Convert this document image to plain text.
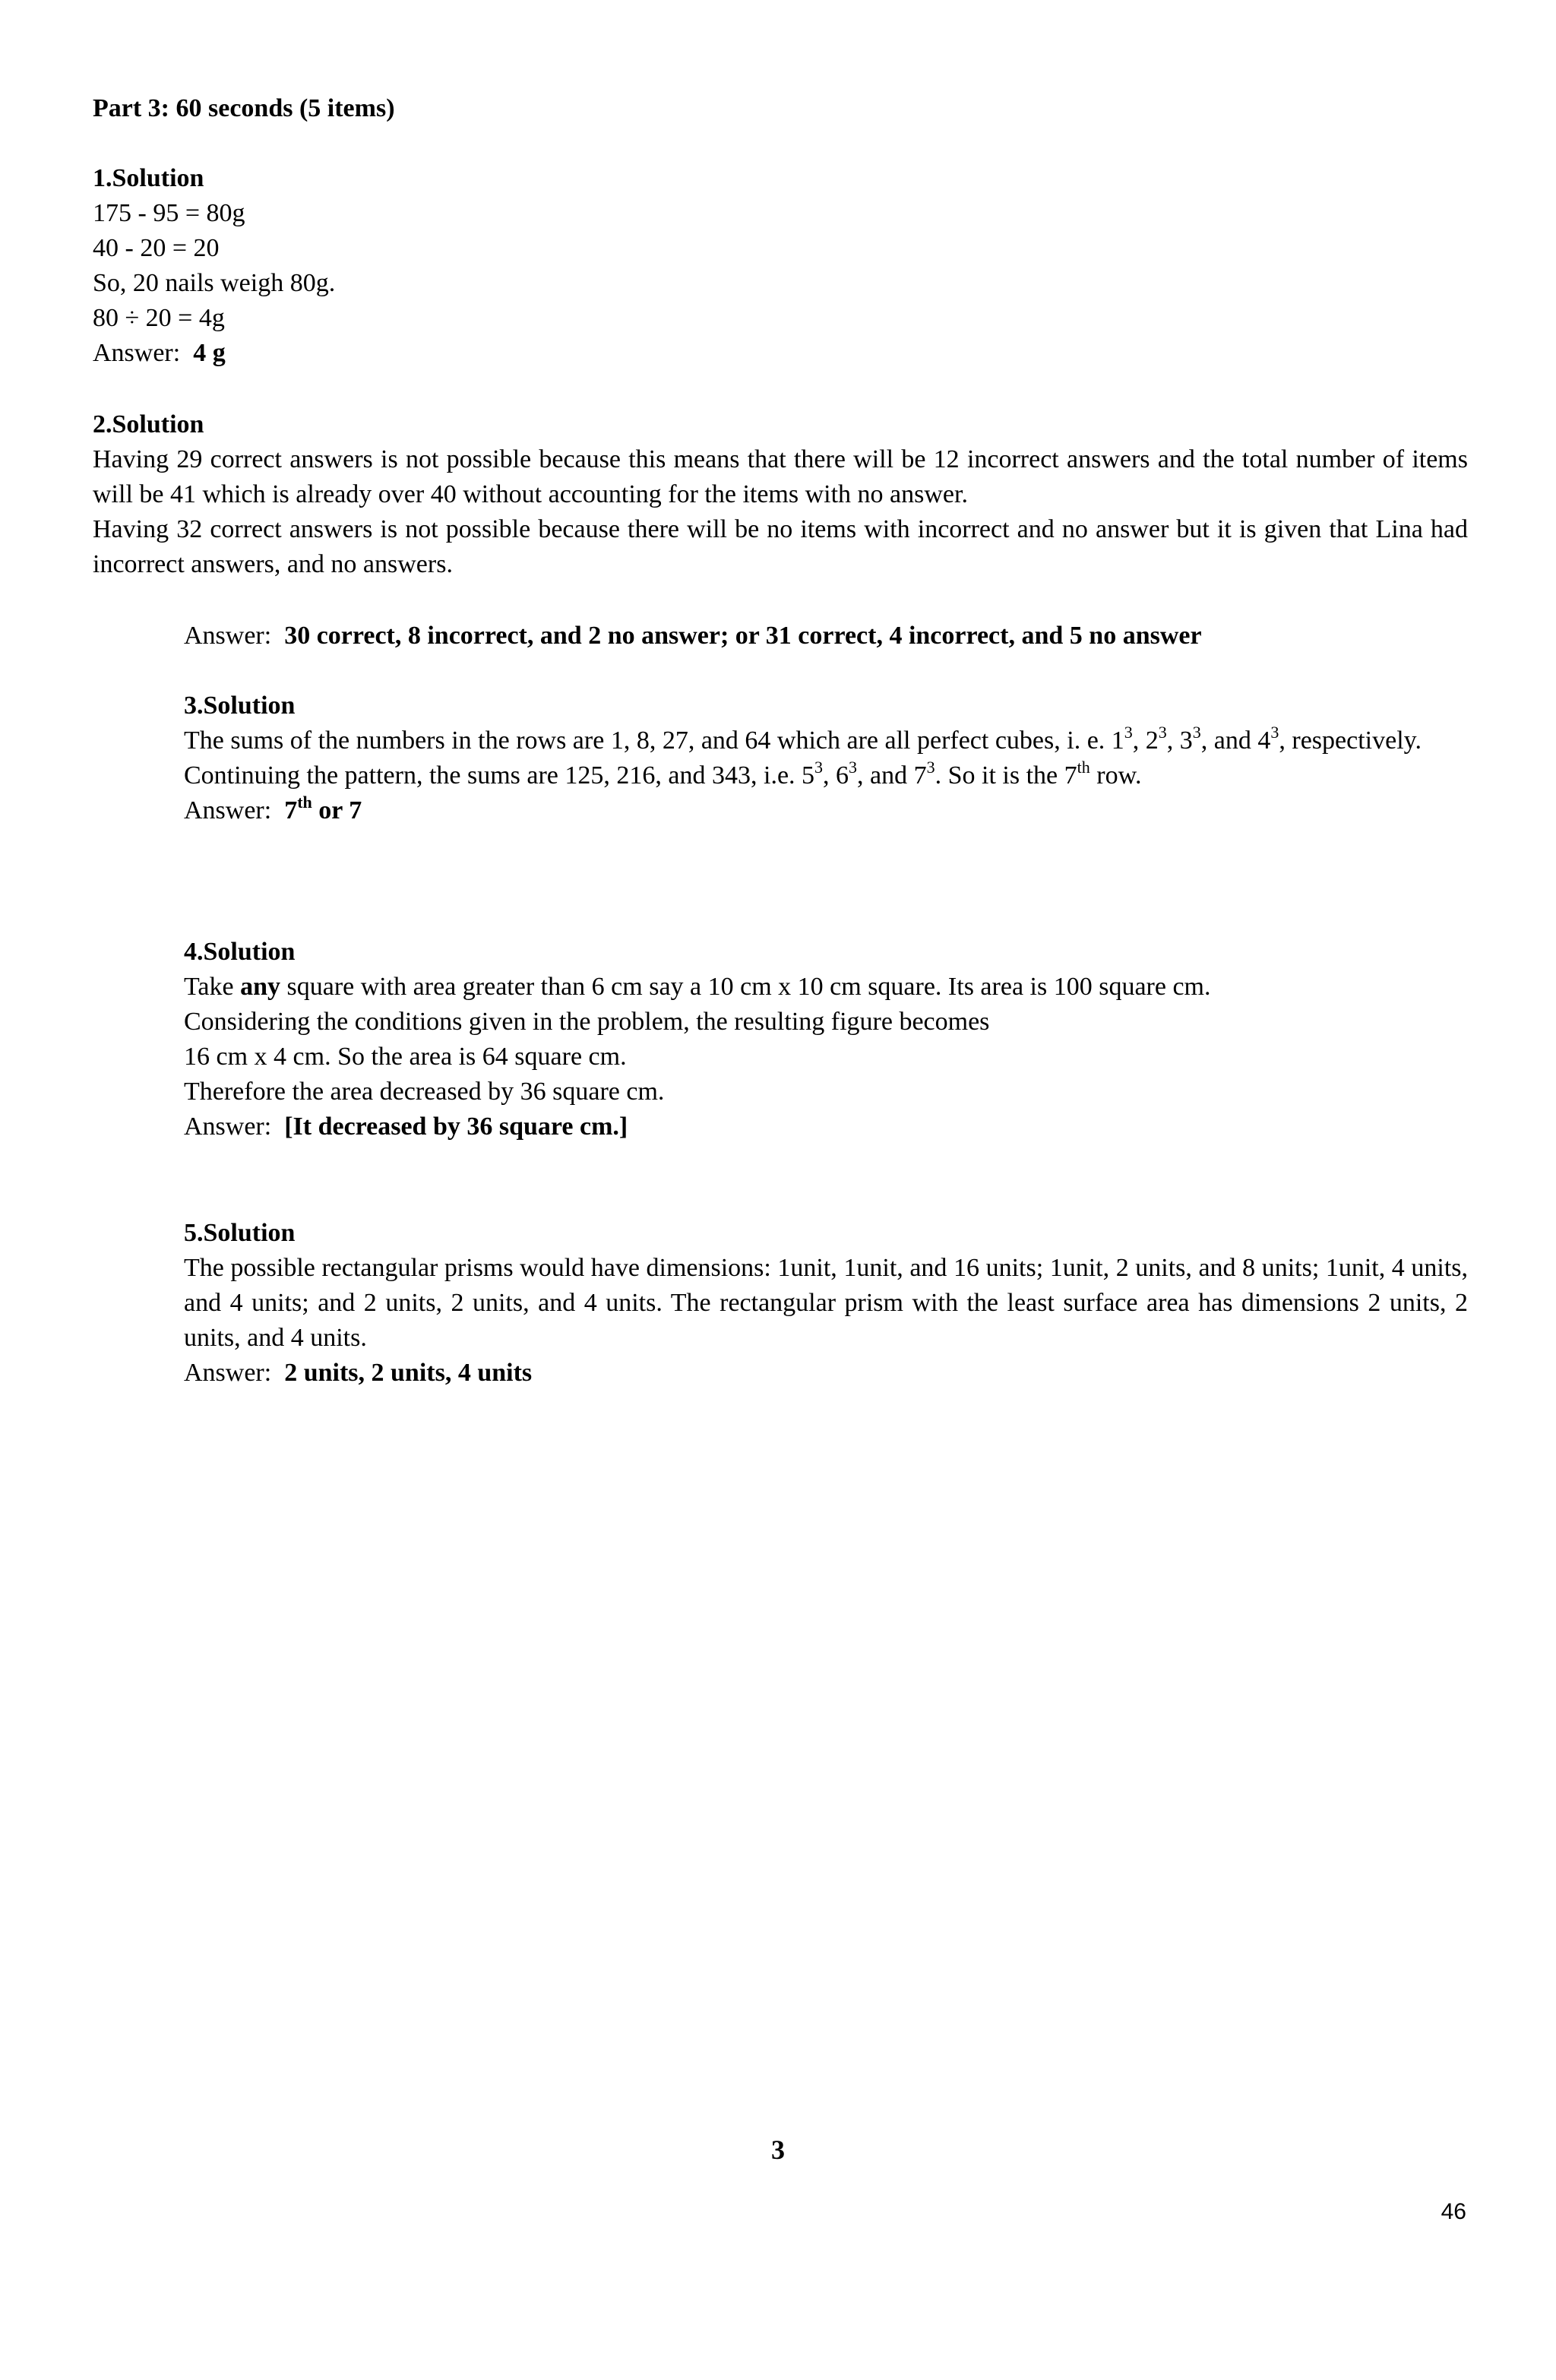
Part 3: 60 seconds (5 items)
1.Solution
175 - 95 = 80g
40 - 20 = 20
So, 20 nails weigh 80g.
80 ÷ 20 = 4g
Answer: 4 g
2.Solution
Having 29 correct answers is not possible because this means that there will be 12 incorrect answers and the total number of items will be 41 which is already over 40 without accounting for the items with no answer.
Having 32 correct answers is not possible because there will be no items with incorrect and no answer but it is given that Lina had incorrect answers, and no answers.
Answer: 30 correct, 8 incorrect, and 2 no answer; or 31 correct, 4 incorrect, and 5 no answer
3.Solution
The sums of the numbers in the rows are 1, 8, 27, and 64 which are all perfect cubes, i. e. $1^3$, $2^3$, $3^3$, and $4^3$, respectively.
Continuing the pattern, the sums are 125, 216, and 343, i.e. $5^3$, $6^3$, and $7^3$. So it is the 7th row.
Answer: 7th or 7
4.Solution
Take any square with area greater than 6 cm say a 10 cm x 10 cm square. Its area is 100 square cm.
Considering the conditions given in the problem, the resulting figure becomes
16 cm x 4 cm. So the area is 64 square cm.
Therefore the area decreased by 36 square cm.
Answer: [It decreased by 36 square cm.]
5.Solution
The possible rectangular prisms would have dimensions: 1unit, 1unit, and 16 units; 1unit, 2 units, and 8 units; 1unit, 4 units, and 4 units; and 2 units, 2 units, and 4 units. The rectangular prism with the least surface area has dimensions 2 units, 2 units, and 4 units.
Answer: 2 units, 2 units, 4 units
3
46
